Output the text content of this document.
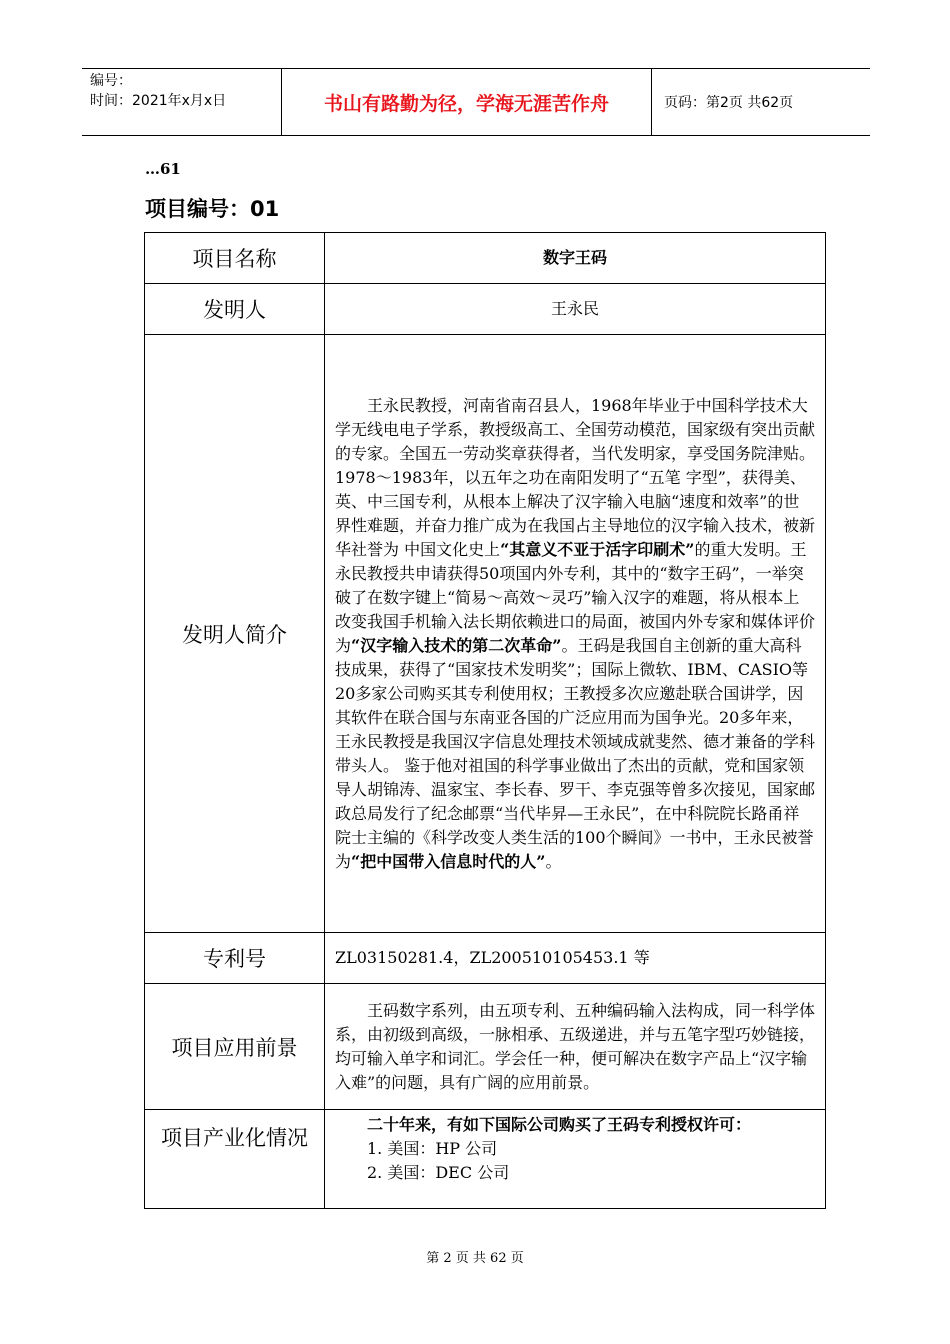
编号：
时间：2021年x月x日	书山有路勤为径，学海无涯苦作舟	页码：第2页 共62页
…61
项目编号：01
项目名称	数字王码
发明人	王永民
发明人简介	王永民教授，河南省南召县人，1968年毕业于中国科学技术大学无线电电子学系，教授级高工、全国劳动模范，国家级有突出贡献的专家。全国五一劳动奖章获得者，当代发明家，享受国务院津贴。1978～1983年，以五年之功在南阳发明了“五笔 字型”，获得美、英、中三国专利，从根本上解决了汉字输入电脑“速度和效率”的世界性难题，并奋力推广成为在我国占主导地位的汉字输入技术，被新华社誉为 中国文化史上“其意义不亚于活字印刷术”的重大发明。王永民教授共申请获得50项国内外专利，其中的“数字王码”，一举突破了在数字键上“简易～高效～灵巧”输入汉字的难题，将从根本上改变我国手机输入法长期依赖进口的局面，被国内外专家和媒体评价为“汉字输入技术的第二次革命”。王码是我国自主创新的重大高科技成果，获得了“国家技术发明奖”；国际上微软、IBM、CASIO等20多家公司购买其专利使用权；王教授多次应邀赴联合国讲学，因其软件在联合国与东南亚各国的广泛应用而为国争光。20多年来，王永民教授是我国汉字信息处理技术领域成就斐然、德才兼备的学科带头人。 鉴于他对祖国的科学事业做出了杰出的贡献，党和国家领导人胡锦涛、温家宝、李长春、罗干、李克强等曾多次接见，国家邮政总局发行了纪念邮票“当代毕昇—王永民”，在中科院院长路甬祥院士主编的《科学改变人类生活的100个瞬间》一书中，王永民被誉为“把中国带入信息时代的人”。

专利号	ZL03150281.4，ZL200510105453.1 等
项目应用前景	王码数字系列，由五项专利、五种编码输入法构成，同一科学体系，由初级到高级，一脉相承、五级递进，并与五笔字型巧妙链接，均可输入单字和词汇。学会任一种，便可解决在数字产品上“汉字输入难”的问题，具有广阔的应用前景。

项目产业化情况	二十年来，有如下国际公司购买了王码专利授权许可：

1. 美国：HP 公司

2. 美国：DEC 公司

第 2 页 共 62 页
